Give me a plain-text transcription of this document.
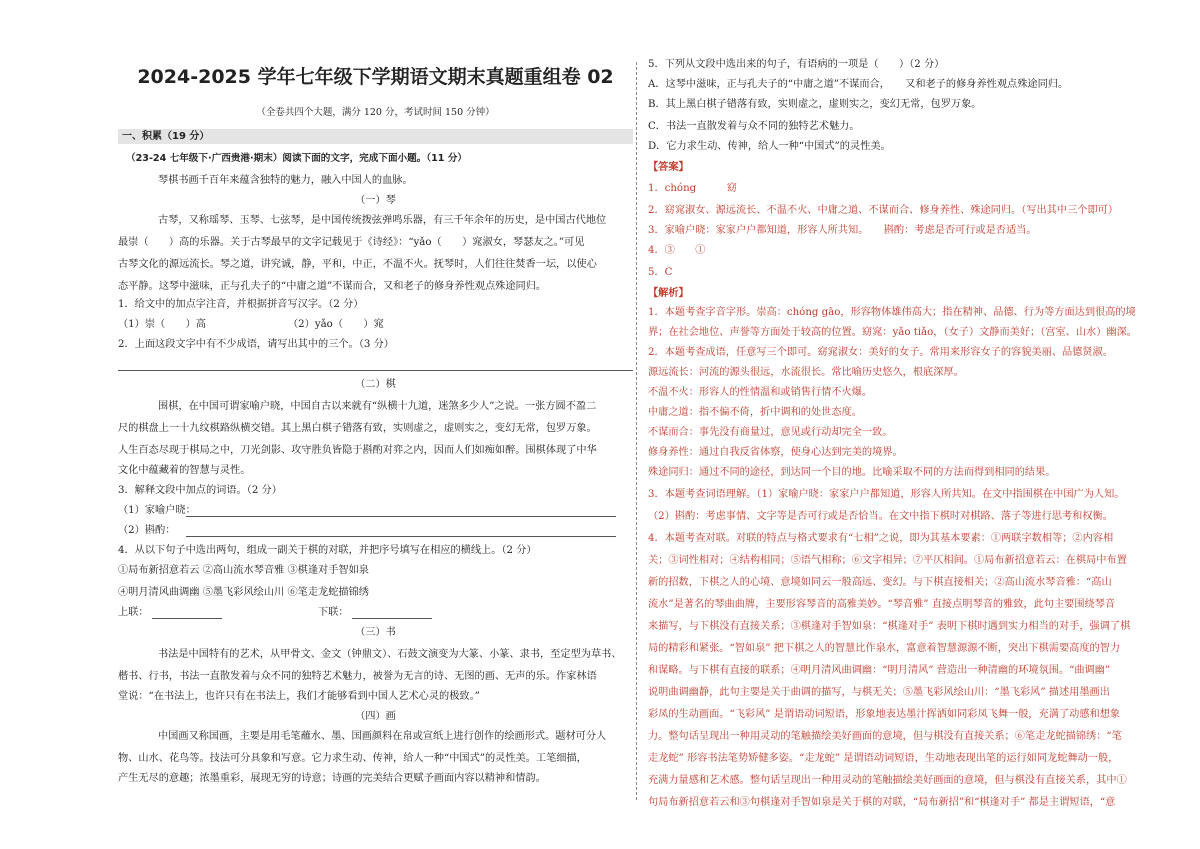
2024-2025 学年七年级下学期语文期末真题重组卷 02
（全卷共四个大题，满分 120 分，考试时间 150 分钟）
一、积累（19 分）
（23-24 七年级下·广西贵港·期末）阅读下面的文字，完成下面小题。（11 分）
琴棋书画千百年来蕴含独特的魅力，融入中国人的血脉。
（一）琴
古琴，又称瑶琴、玉琴、七弦琴，是中国传统拨弦弹鸣乐器，有三千年余年的历史，是中国古代地位
最崇（　　）高的乐器。关于古琴最早的文字记载见于《诗经》：“yǎo（　　）窕淑女，琴瑟友之。”可见
古琴文化的源远流长。琴之道，讲究诚，静，平和，中正，不温不火。抚琴时，人们往往焚香一坛，以使心
态平静。这琴中滋味，正与孔夫子的“中庸之道”不谋而合，又和老子的修身养性观点殊途同归。
1．给文中的加点字注音，并根据拼音写汉字。（2 分）
（1）崇（　　）高	（2）yǎo（　　）窕
2．上面这段文字中有不少成语，请写出其中的三个。（3 分）
（二）棋
围棋，在中国可谓家喻户晓，中国自古以来就有“纵横十九道，迷煞多少人”之说。一张方圆不盈二
尺的棋盘上一十九纹棋路纵横交错。其上黑白棋子错落有致，实则虚之，虚则实之，变幻无常，包罗万象。
人生百态尽现于棋局之中，刀光剑影、攻守胜负皆隐于斟酌对弈之内，因而人们如痴如醉。围棋体现了中华
文化中蕴藏着的智慧与灵性。
3．解释文段中加点的词语。（2 分）
（1）家喻户晓：
（2）斟酌：
4．从以下句子中选出两句，组成一副关于棋的对联，并把序号填写在相应的横线上。（2 分）
①局布新招意若云 ②高山流水琴音雅 ③棋逢对手智如泉
④明月清风曲调幽 ⑤墨飞彩风绘山川 ⑥笔走龙蛇描锦绣
上联：	下联：
（三）书
书法是中国特有的艺术，从甲骨文、金文（钟鼎文）、石鼓文演变为大篆、小篆、隶书，至定型为草书、
楷书、行书，书法一直散发着与众不同的独特艺术魅力，被誉为无言的诗、无图的画、无声的乐。作家林语
堂说：“在书法上，也许只有在书法上，我们才能够看到中国人艺术心灵的极致。”
（四）画
中国画又称国画，主要是用毛笔蘸水、墨、国画颜料在帛或宣纸上进行创作的绘画形式。题材可分人
物、山水、花鸟等。技法可分具象和写意。它力求生动、传神，给人一种“中国式”的灵性美。工笔细描，
产生无尽的意趣；浓墨重彩，展现无穷的诗意；诗画的完美结合更赋予画面内容以精神和情韵。
5．下列从文段中选出来的句子，有语病的一项是（　　）（2 分）
A．这琴中滋味，正与孔夫子的“中庸之道”不谋而合，　　又和老子的修身养性观点殊途同归。
B．其上黑白棋子错落有致，实则虚之，虚则实之，变幻无常，包罗万象。
C．书法一直散发着与众不同的独特艺术魅力。
D．它力求生动、传神，给人一种“中国式”的灵性美。
【答案】
1．chóng　　　窈
2．窈窕淑女、源远流长、不温不火、中庸之道、不谋而合、修身养性、殊途同归。（写出其中三个即可）
3．家喻户晓：家家户户都知道，形容人所共知。　　斟酌：考虑是否可行或是否适当。
4．③　　①
5．C
【解析】
1．本题考查字音字形。崇高：chóng gāo，形容物体雄伟高大；指在精神、品德、行为等方面达到很高的境
界；在社会地位、声誉等方面处于较高的位置。窈窕：yǎo tiǎo，（女子）文静而美好；（宫室、山水）幽深。
2．本题考查成语，任意写三个即可。窈窕淑女：美好的女子。常用来形容女子的容貌美丽、品德贤淑。
源远流长：河流的源头很远，水流很长。常比喻历史悠久，根底深厚。
不温不火：形容人的性情温和或销售行情不火爆。
中庸之道：指不偏不倚，折中调和的处世态度。
不谋而合：事先没有商量过，意见或行动却完全一致。
修身养性：通过自我反省体察，使身心达到完美的境界。
殊途同归：通过不同的途径，到达同一个目的地。比喻采取不同的方法而得到相同的结果。
3．本题考查词语理解。（1）家喻户晓：家家户户都知道，形容人所共知。在文中指围棋在中国广为人知。
（2）斟酌：考虑事情、文字等是否可行或是否恰当。在文中指下棋时对棋路、落子等进行思考和权衡。
4．本题考查对联。对联的特点与格式要求有“七相”之说，即为其基本要素：①两联字数相等；②内容相
关；③词性相对；④结构相同；⑤语气相称；⑥文字相异；⑦平仄相间。①局布新招意若云：在棋局中布置
新的招数，下棋之人的心境、意境如同云一般高远、变幻。与下棋直接相关；②高山流水琴音雅：“高山
流水”是著名的琴曲曲牌，主要形容琴音的高雅美妙。“琴音雅” 直接点明琴音的雅致，此句主要围绕琴音
来描写，与下棋没有直接关系；③棋逢对手智如泉：“棋逢对手” 表明下棋时遇到实力相当的对手，强调了棋
局的精彩和紧张。“智如泉” 把下棋之人的智慧比作泉水，富意着智慧源源不断，突出下棋需要高度的智力
和谋略。与下棋有直接的联系；④明月清风曲调幽：“明月清风” 营造出一种清幽的环境氛围。“曲调幽”
说明曲调幽静，此句主要是关于曲调的描写，与棋无关；⑤墨飞彩风绘山川：“墨飞彩风” 描述用墨画出
彩凤的生动画面。“飞彩风” 是谓语动词短语，形象地表达墨汁挥洒如同彩凤飞舞一般，充满了动感和想象
力。整句话呈现出一种用灵动的笔触描绘美好画面的意境，但与棋没有直接关系；⑥笔走龙蛇描锦绣：“笔
走龙蛇” 形容书法笔势矫健多姿。“走龙蛇” 是谓语动词短语，生动地表现出笔的运行如同龙蛇舞动一般，
充满力量感和艺术感。整句话呈现出一种用灵动的笔触描绘美好画面的意境，但与棋没有直接关系，其中①
句局布新招意若云和③句棋逢对手智如泉是关于棋的对联，“局布新招”和“棋逢对手” 都是主谓短语，“意
